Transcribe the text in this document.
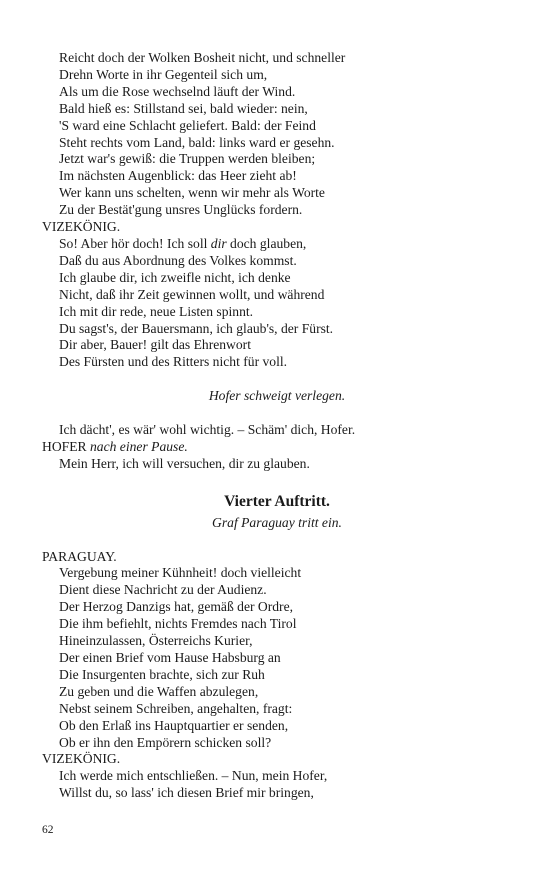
Reicht doch der Wolken Bosheit nicht, und schneller
Drehn Worte in ihr Gegenteil sich um,
Als um die Rose wechselnd läuft der Wind.
Bald hieß es: Stillstand sei, bald wieder: nein,
'S ward eine Schlacht geliefert. Bald: der Feind
Steht rechts vom Land, bald: links ward er gesehn.
Jetzt war's gewiß: die Truppen werden bleiben;
Im nächsten Augenblick: das Heer zieht ab!
Wer kann uns schelten, wenn wir mehr als Worte
Zu der Bestät'gung unsres Unglücks fordern.
VIZEKÖNIG.
So! Aber hör doch! Ich soll dir doch glauben,
Daß du aus Abordnung des Volkes kommst.
Ich glaube dir, ich zweifle nicht, ich denke
Nicht, daß ihr Zeit gewinnen wollt, und während
Ich mit dir rede, neue Listen spinnt.
Du sagst's, der Bauersmann, ich glaub's, der Fürst.
Dir aber, Bauer! gilt das Ehrenwort
Des Fürsten und des Ritters nicht für voll.
Hofer schweigt verlegen.
Ich dächt', es wär' wohl wichtig. – Schäm' dich, Hofer.
HOFER nach einer Pause.
Mein Herr, ich will versuchen, dir zu glauben.
Vierter Auftritt.
Graf Paraguay tritt ein.
PARAGUAY.
Vergebung meiner Kühnheit! doch vielleicht
Dient diese Nachricht zu der Audienz.
Der Herzog Danzigs hat, gemäß der Ordre,
Die ihm befiehlt, nichts Fremdes nach Tirol
Hineinzulassen, Österreichs Kurier,
Der einen Brief vom Hause Habsburg an
Die Insurgenten brachte, sich zur Ruh
Zu geben und die Waffen abzulegen,
Nebst seinem Schreiben, angehalten, fragt:
Ob den Erlaß ins Hauptquartier er senden,
Ob er ihn den Empörern schicken soll?
VIZEKÖNIG.
Ich werde mich entschließen. – Nun, mein Hofer,
Willst du, so lass' ich diesen Brief mir bringen,
62
